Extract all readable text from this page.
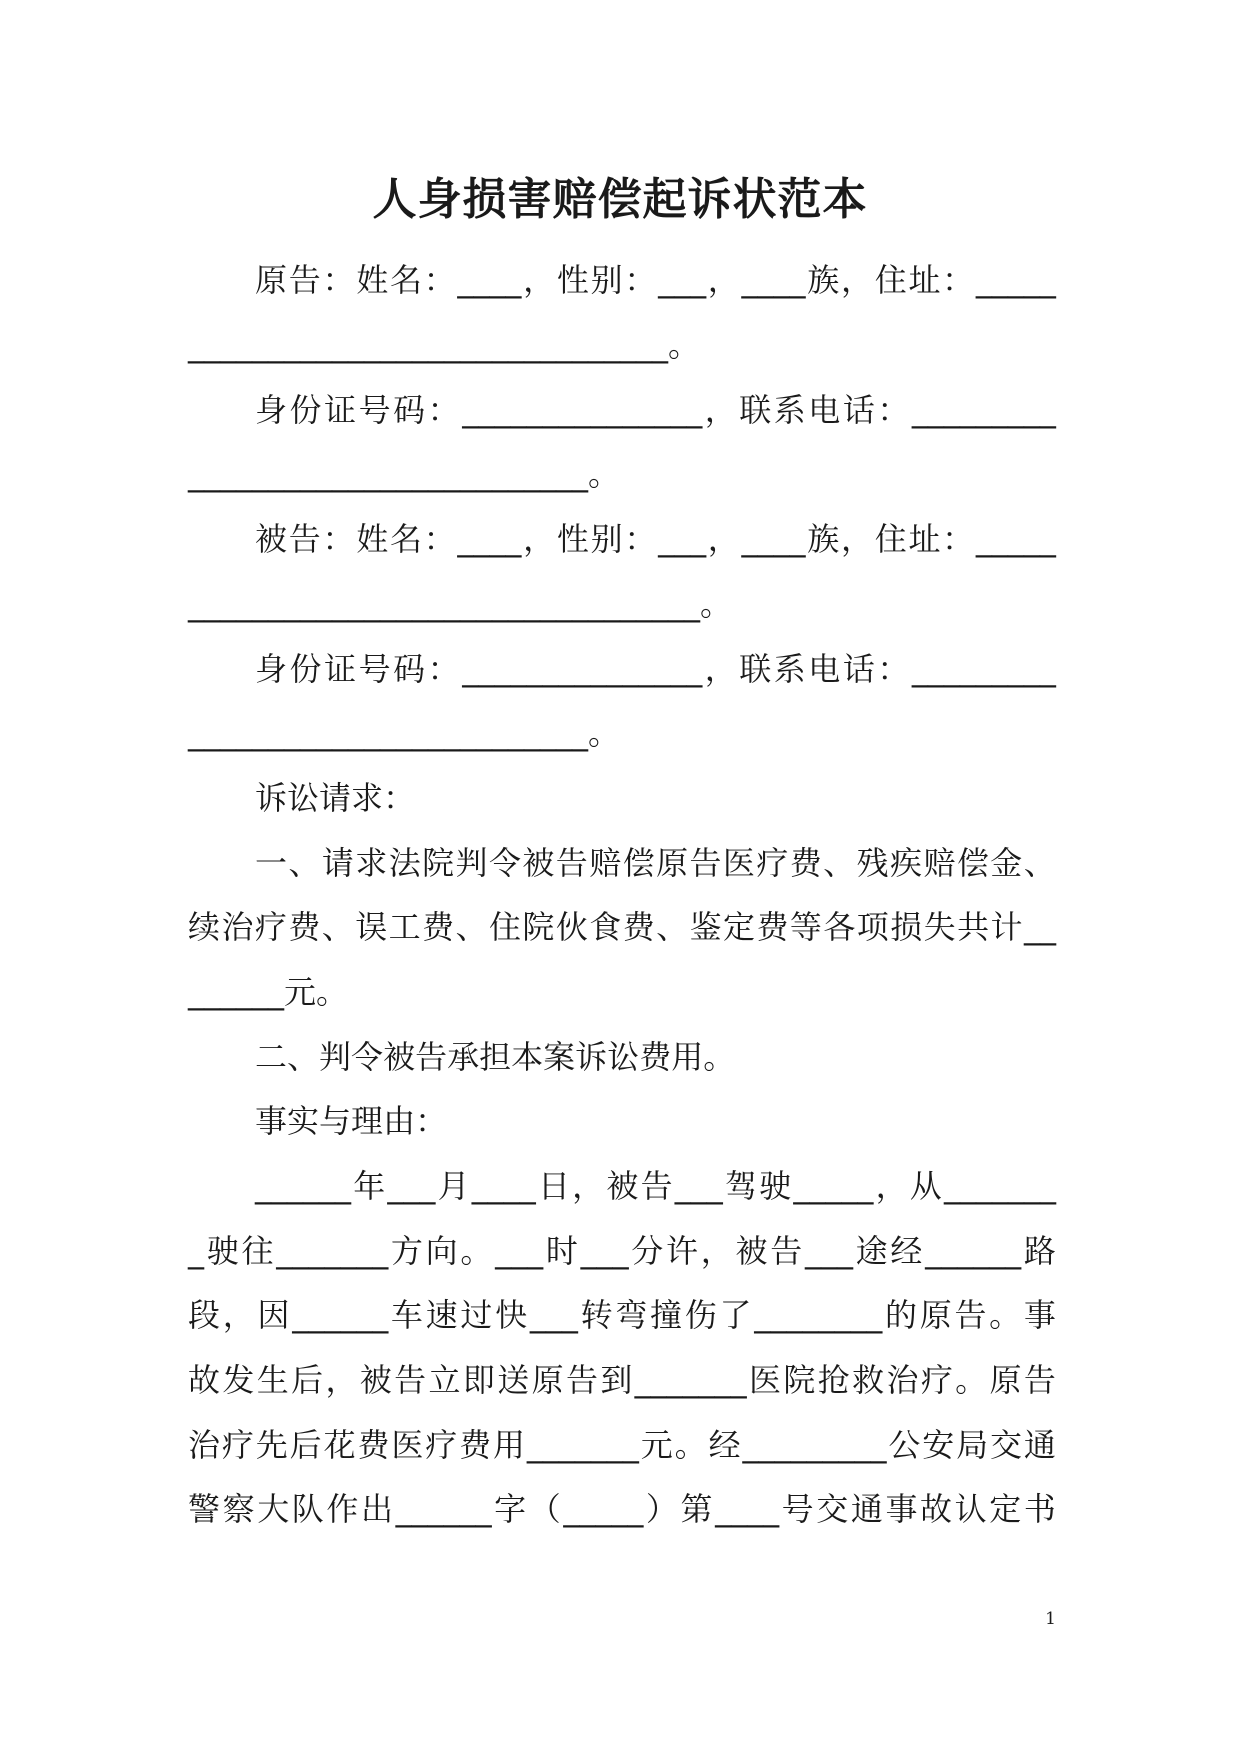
人身损害赔偿起诉状范本
原 告 ： 姓 名 ： ____ ， 性 别 ： ___ ， ____ 族 ， 住 址 ： _____
______________________________ 。
身 份 证 号 码 ： _______________ ， 联 系 电 话 ： _________
_________________________ 。
被 告 ： 姓 名 ： ____ ， 性 别 ： ___ ， ____ 族 ， 住 址 ： _____
________________________________ 。
身 份 证 号 码 ： _______________ ， 联 系 电 话 ： _________
_________________________ 。
诉 讼 请 求 ：
一 、 请 求 法 院 判 令 被 告 赔 偿 原 告 医 疗 费 、 残 疾 赔 偿 金 、
续 治 疗 费 、 误 工 费 、 住 院 伙 食 费 、 鉴 定 费 等 各 项 损 失 共 计 __
______ 元 。
二 、 判 令 被 告 承 担 本 案 诉 讼 费 用 。
事 实 与 理 由 ：
______ 年 ___ 月 ____ 日 ， 被 告 ___ 驾 驶 _____ ， 从 _______
_ 驶 往 _______ 方 向 。 ___ 时 ___ 分 许 ， 被 告 ___ 途 经 ______ 路
段 ， 因 ______ 车 速 过 快 ___ 转 弯 撞 伤 了 ________ 的 原 告 。 事
故 发 生 后 ， 被 告 立 即 送 原 告 到 _______ 医 院 抢 救 治 疗 。 原 告
治 疗 先 后 花 费 医 疗 费 用 _______ 元 。 经 _________ 公 安 局 交 通
警 察 大 队 作 出 ______ 字 （ _____ ） 第 ____ 号 交 通 事 故 认 定 书
1
